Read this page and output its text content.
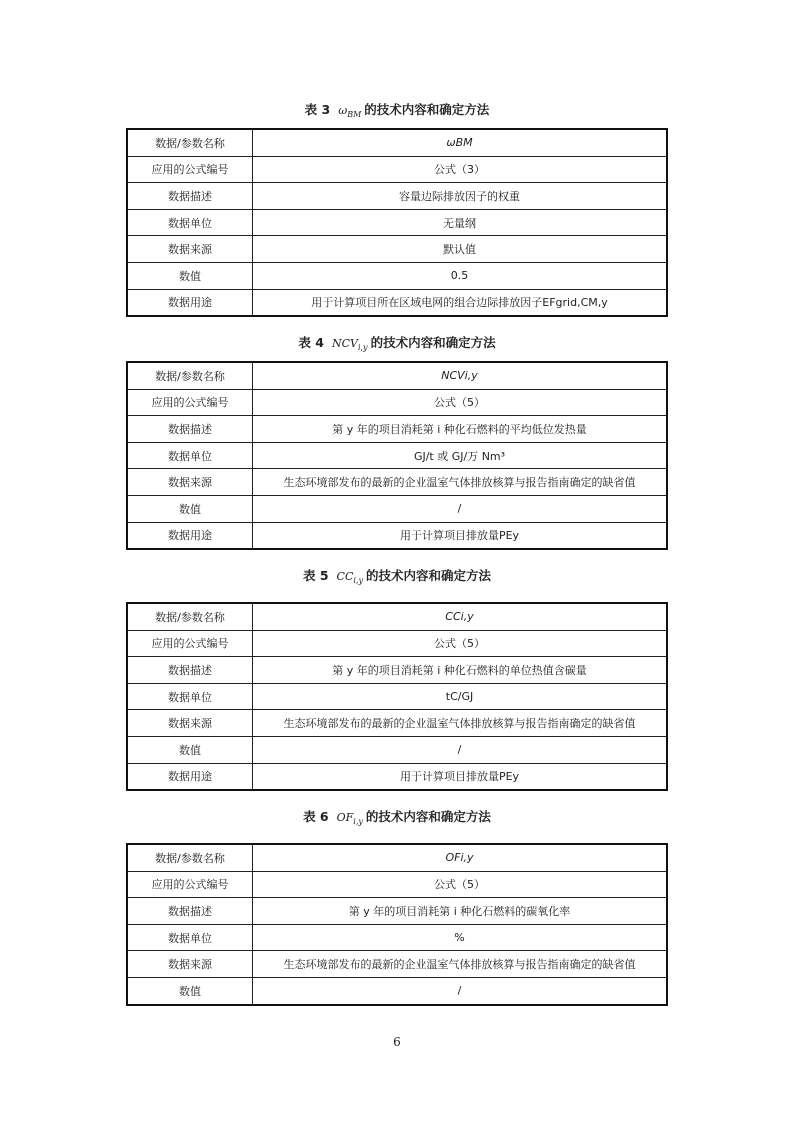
表 3 $\omega_{BM}$ 的技术内容和确定方法
数据/参数名称	ωBM
应用的公式编号	公式（3）
数据描述	容量边际排放因子的权重
数据单位	无量纲
数据来源	默认值
数值	0.5
数据用途	用于计算项目所在区域电网的组合边际排放因子EFgrid,CM,y
表 4 $NCV_{i,y}$ 的技术内容和确定方法
数据/参数名称	NCVi,y
应用的公式编号	公式（5）
数据描述	第 y 年的项目消耗第 i 种化石燃料的平均低位发热量
数据单位	GJ/t 或 GJ/万 Nm³
数据来源	生态环境部发布的最新的企业温室气体排放核算与报告指南确定的缺省值
数值	/
数据用途	用于计算项目排放量PEy
表 5 $CC_{i,y}$ 的技术内容和确定方法
数据/参数名称	CCi,y
应用的公式编号	公式（5）
数据描述	第 y 年的项目消耗第 i 种化石燃料的单位热值含碳量
数据单位	tC/GJ
数据来源	生态环境部发布的最新的企业温室气体排放核算与报告指南确定的缺省值
数值	/
数据用途	用于计算项目排放量PEy
表 6 $OF_{i,y}$ 的技术内容和确定方法
数据/参数名称	OFi,y
应用的公式编号	公式（5）
数据描述	第 y 年的项目消耗第 i 种化石燃料的碳氧化率
数据单位	%
数据来源	生态环境部发布的最新的企业温室气体排放核算与报告指南确定的缺省值
数值	/
6
